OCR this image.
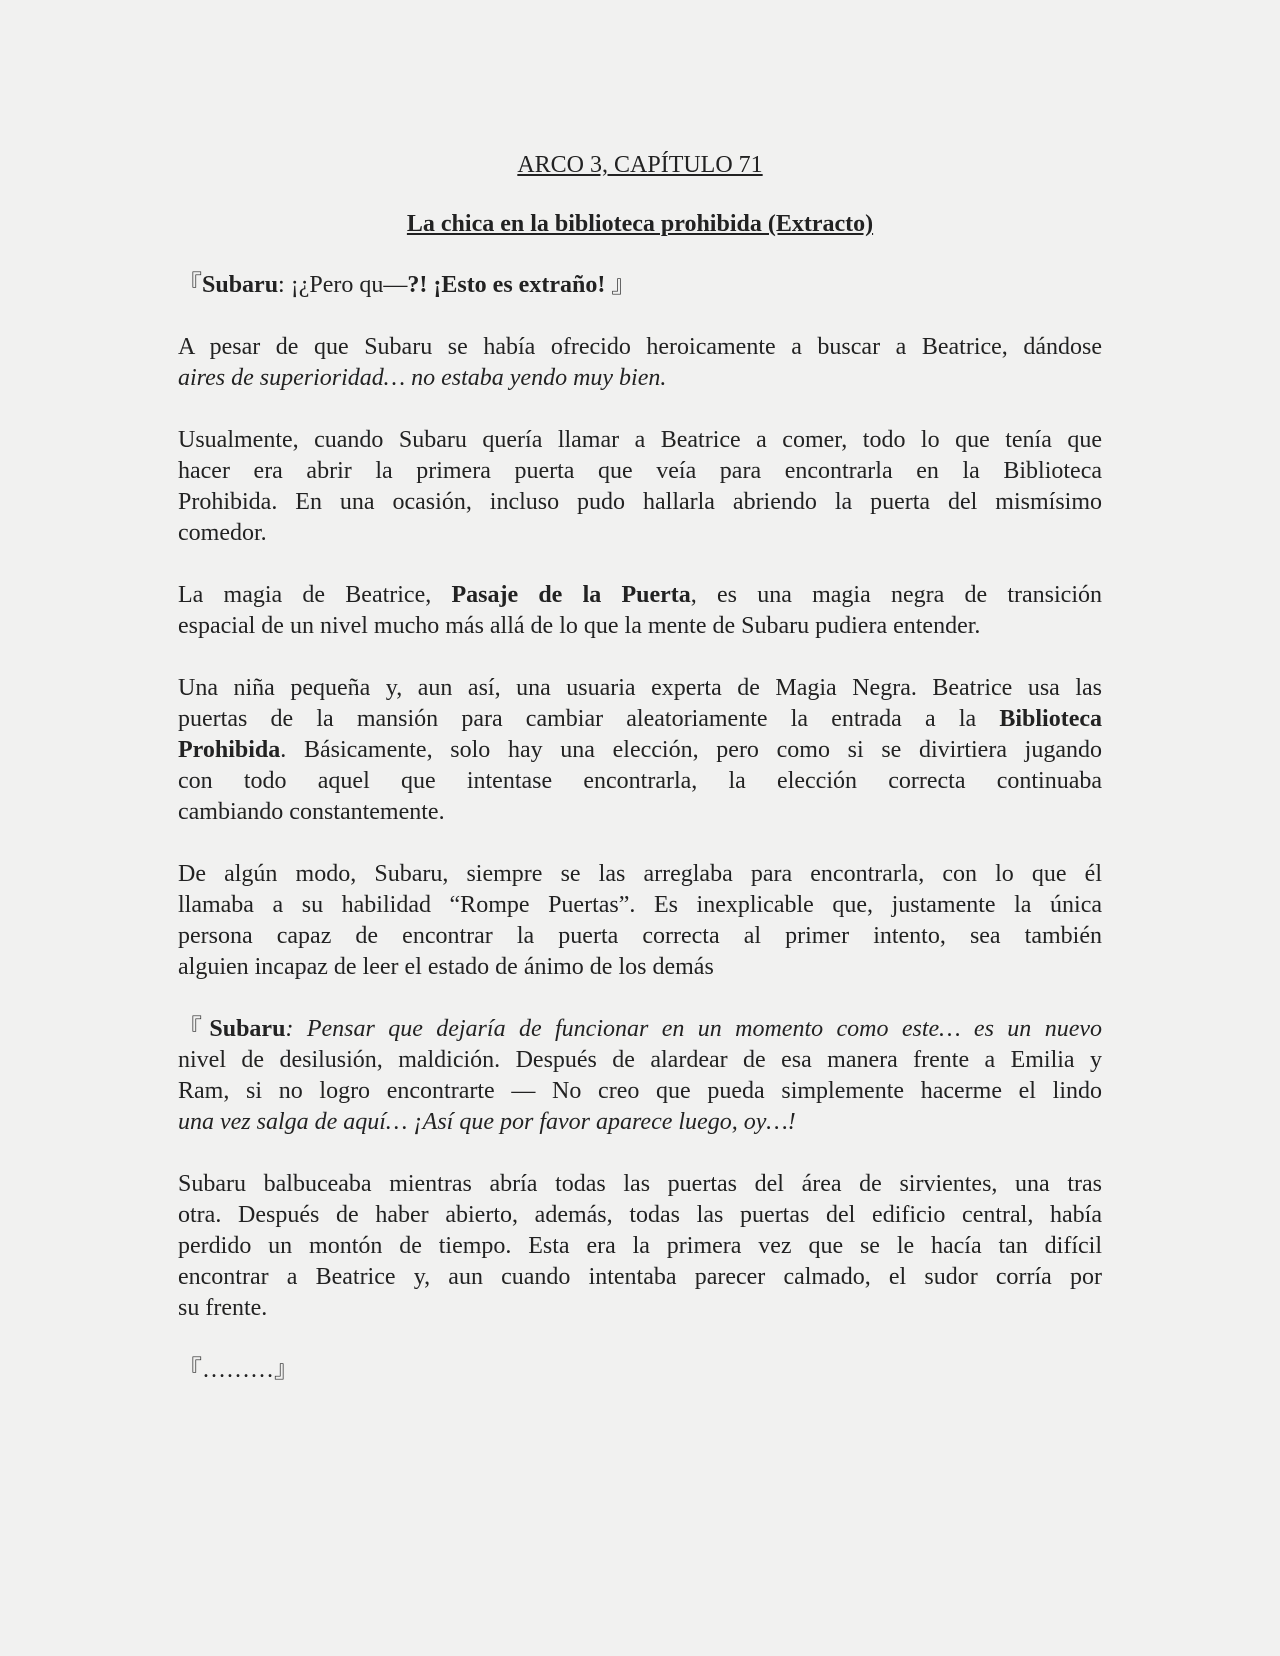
ARCO 3, CAPÍTULO 71
La chica en la biblioteca prohibida (Extracto)

『Subaru: ¡¿Pero qu—?! ¡Esto es extraño! 』

A pesar de que Subaru se había ofrecido heroicamente a buscar a Beatrice, dándose
aires de superioridad… no estaba yendo muy bien.

Usualmente, cuando Subaru quería llamar a Beatrice a comer, todo lo que tenía que
hacer era abrir la primera puerta que veía para encontrarla en la Biblioteca
Prohibida. En una ocasión, incluso pudo hallarla abriendo la puerta del mismísimo
comedor.

La magia de Beatrice, Pasaje de la Puerta, es una magia negra de transición
espacial de un nivel mucho más allá de lo que la mente de Subaru pudiera entender.

Una niña pequeña y, aun así, una usuaria experta de Magia Negra. Beatrice usa las
puertas de la mansión para cambiar aleatoriamente la entrada a la Biblioteca
Prohibida. Básicamente, solo hay una elección, pero como si se divirtiera jugando
con todo aquel que intentase encontrarla, la elección correcta continuaba
cambiando constantemente.

De algún modo, Subaru, siempre se las arreglaba para encontrarla, con lo que él
llamaba a su habilidad “Rompe Puertas”. Es inexplicable que, justamente la única
persona capaz de encontrar la puerta correcta al primer intento, sea también
alguien incapaz de leer el estado de ánimo de los demás

『Subaru: Pensar que dejaría de funcionar en un momento como este… es un nuevo
nivel de desilusión, maldición. Después de alardear de esa manera frente a Emilia y
Ram, si no logro encontrarte — No creo que pueda simplemente hacerme el lindo
una vez salga de aquí… ¡Así que por favor aparece luego, oy…!

Subaru balbuceaba mientras abría todas las puertas del área de sirvientes, una tras
otra. Después de haber abierto, además, todas las puertas del edificio central, había
perdido un montón de tiempo. Esta era la primera vez que se le hacía tan difícil
encontrar a Beatrice y, aun cuando intentaba parecer calmado, el sudor corría por
su frente.

『………』
